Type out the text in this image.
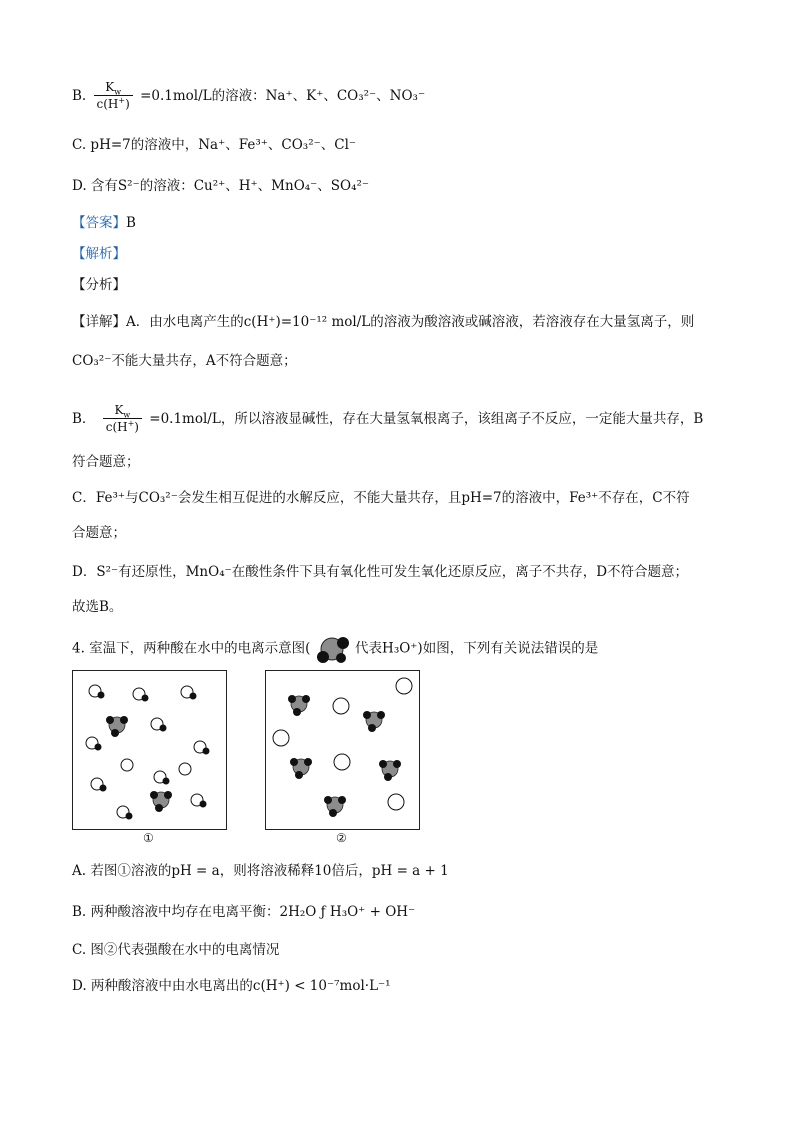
B. $\frac{K_w}{c(H^+)} =0.1mol/L$的溶液：Na⁺、K⁺、CO₃²⁻、NO₃⁻
C. pH=7的溶液中，Na⁺、Fe³⁺、CO₃²⁻、Cl⁻
D. 含有S²⁻的溶液：Cu²⁺、H⁺、MnO₄⁻、SO₄²⁻
【答案】B
【解析】
【分析】
【详解】A．由水电离产生的c(H⁺)=10⁻¹² mol/L的溶液为酸溶液或碱溶液，若溶液存在大量氢离子，则
CO₃²⁻不能大量共存，A不符合题意；
B． $\frac{K_w}{c(H^+)} =0.1mol/L$，所以溶液显碱性，存在大量氢氧根离子，该组离子不反应，一定能大量共存，B
符合题意；
C．Fe³⁺与CO₃²⁻会发生相互促进的水解反应，不能大量共存，且pH=7的溶液中，Fe³⁺不存在，C不符
合题意；
D．S²⁻有还原性，MnO₄⁻在酸性条件下具有氧化性可发生氧化还原反应，离子不共存，D不符合题意；
故选B。
4. 室温下，两种酸在水中的电离示意图(	代表H₃O⁺)如图，下列有关说法错误的是
①	②
A. 若图①溶液的pH = a，则将溶液稀释10倍后，pH = a + 1
B. 两种酸溶液中均存在电离平衡：2H₂O ƒ H₃O⁺ + OH⁻
C. 图②代表强酸在水中的电离情况
D. 两种酸溶液中由水电离出的c(H⁺) < 10⁻⁷mol·L⁻¹
